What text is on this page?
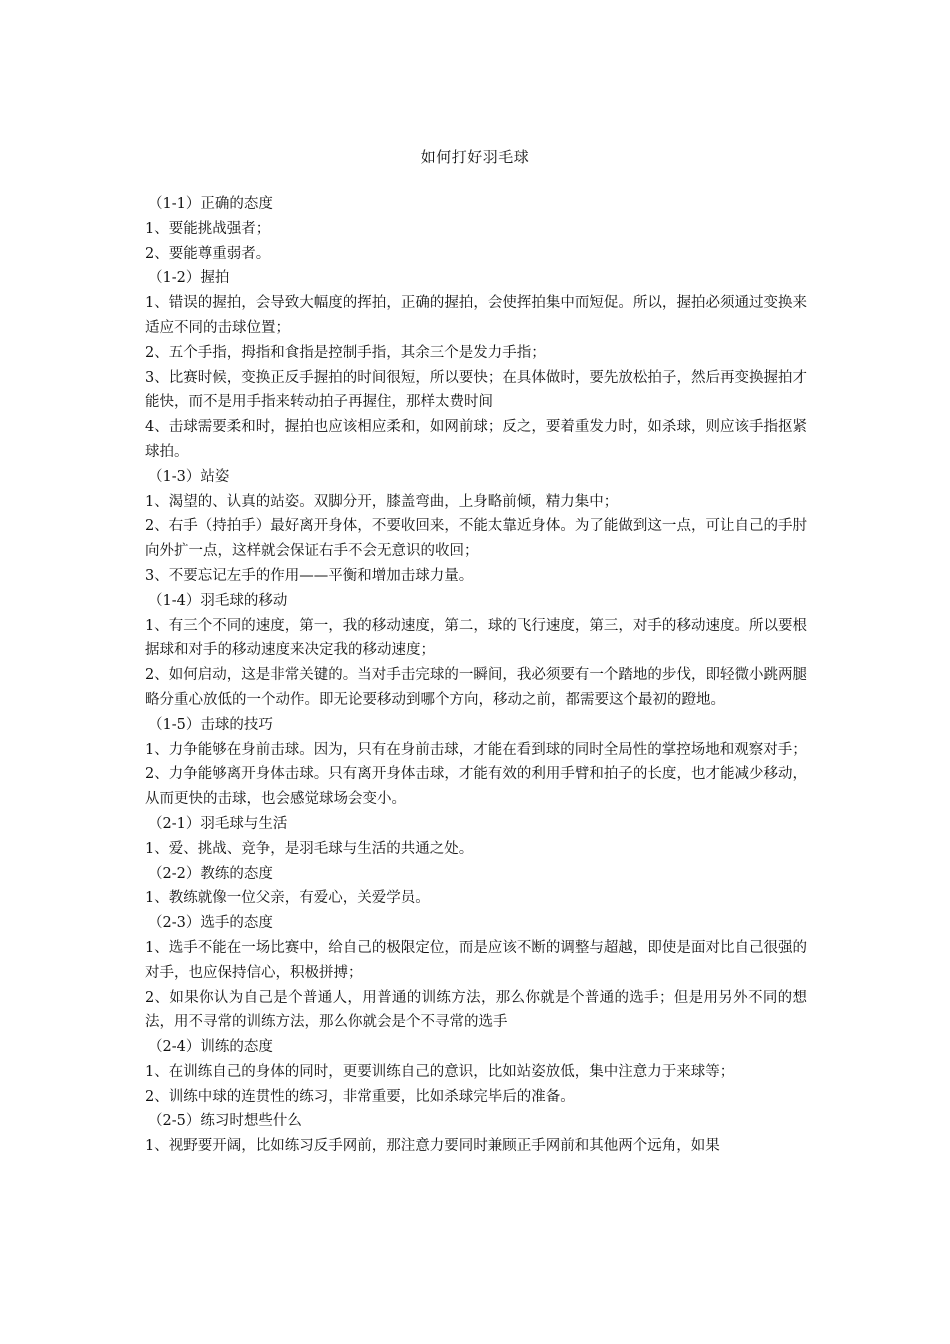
如何打好羽毛球

（1-1）正确的态度

1、要能挑战强者；

2、要能尊重弱者。

（1-2）握拍

1、错误的握拍，会导致大幅度的挥拍，正确的握拍，会使挥拍集中而短促。所以，握拍必须通过变换来适应不同的击球位置；

2、五个手指，拇指和食指是控制手指，其余三个是发力手指；

3、比赛时候，变换正反手握拍的时间很短，所以要快；在具体做时，要先放松拍子，然后再变换握拍才能快，而不是用手指来转动拍子再握住，那样太费时间

4、击球需要柔和时，握拍也应该相应柔和，如网前球；反之，要着重发力时，如杀球，则应该手指抠紧球拍。

（1-3）站姿

1、渴望的、认真的站姿。双脚分开，膝盖弯曲，上身略前倾，精力集中；

2、右手（持拍手）最好离开身体，不要收回来，不能太靠近身体。为了能做到这一点，可让自己的手肘向外扩一点，这样就会保证右手不会无意识的收回；

3、不要忘记左手的作用——平衡和增加击球力量。

（1-4）羽毛球的移动

1、有三个不同的速度，第一，我的移动速度，第二，球的飞行速度，第三，对手的移动速度。所以要根据球和对手的移动速度来决定我的移动速度；

2、如何启动，这是非常关键的。当对手击完球的一瞬间，我必须要有一个踏地的步伐，即轻微小跳两腿略分重心放低的一个动作。即无论要移动到哪个方向，移动之前，都需要这个最初的蹬地。

（1-5）击球的技巧

1、力争能够在身前击球。因为，只有在身前击球，才能在看到球的同时全局性的掌控场地和观察对手；

2、力争能够离开身体击球。只有离开身体击球，才能有效的利用手臂和拍子的长度，也才能减少移动，从而更快的击球，也会感觉球场会变小。

（2-1）羽毛球与生活

1、爱、挑战、竞争，是羽毛球与生活的共通之处。

（2-2）教练的态度

1、教练就像一位父亲，有爱心，关爱学员。

（2-3）选手的态度

1、选手不能在一场比赛中，给自己的极限定位，而是应该不断的调整与超越，即使是面对比自己很强的对手，也应保持信心，积极拼搏；

2、如果你认为自己是个普通人，用普通的训练方法，那么你就是个普通的选手；但是用另外不同的想法，用不寻常的训练方法，那么你就会是个不寻常的选手

（2-4）训练的态度

1、在训练自己的身体的同时，更要训练自己的意识，比如站姿放低，集中注意力于来球等；

2、训练中球的连贯性的练习，非常重要，比如杀球完毕后的准备。

（2-5）练习时想些什么

1、视野要开阔，比如练习反手网前，那注意力要同时兼顾正手网前和其他两个远角，如果
